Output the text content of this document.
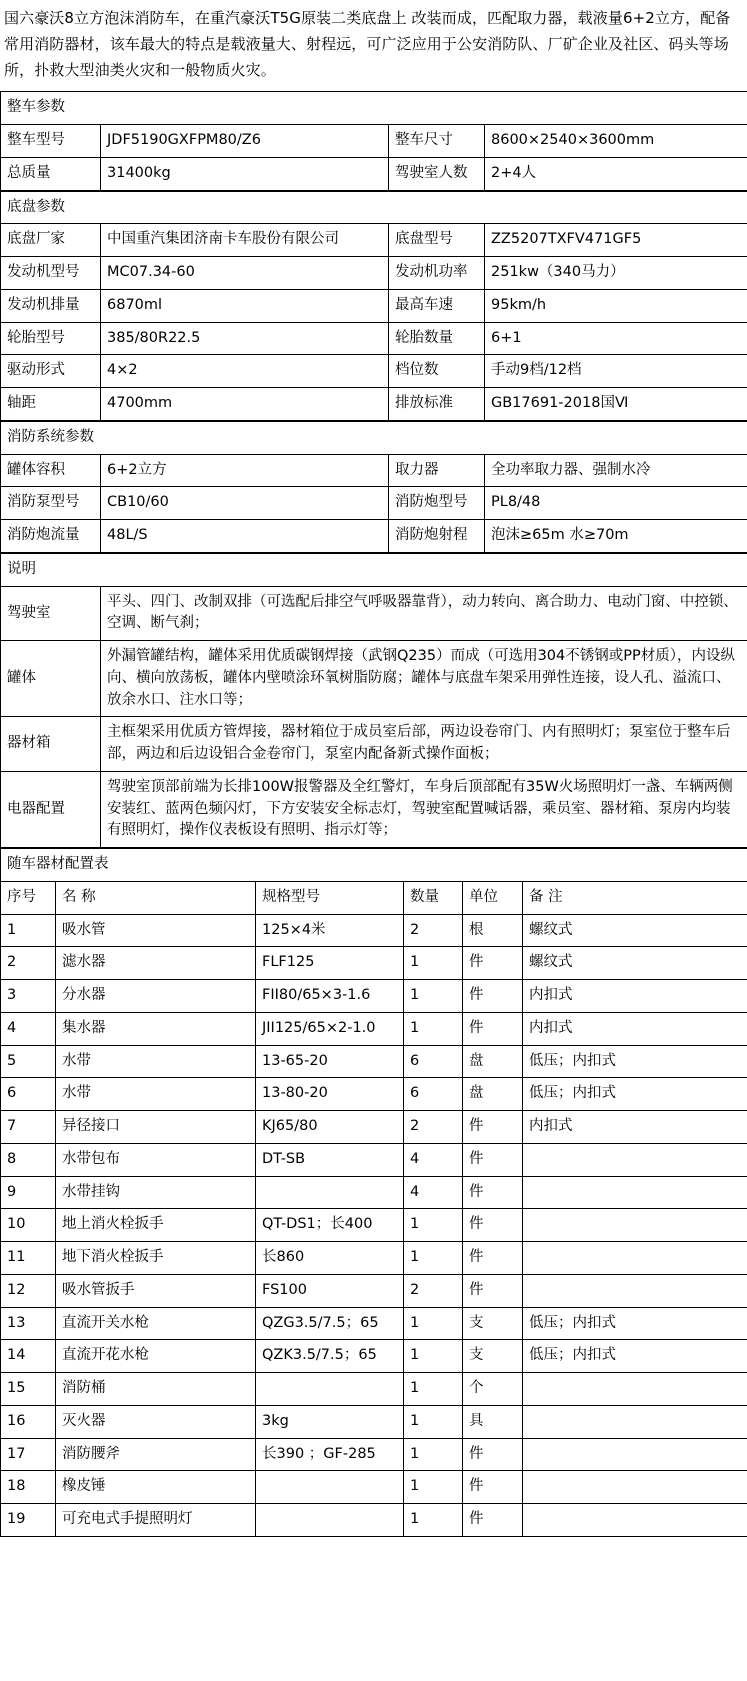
国六豪沃8立方泡沫消防车，在重汽豪沃T5G原装二类底盘上 改装而成，匹配取力器，载液量6+2立方，配备常用消防器材，该车最大的特点是载液量大、射程远，可广泛应用于公安消防队、厂矿企业及社区、码头等场所，扑救大型油类火灾和一般物质火灾。
整车参数			
整车型号	JDF5190GXFPM80/Z6	整车尺寸	8600×2540×3600mm
总质量	31400kg	驾驶室人数	2+4人
底盘参数			
底盘厂家	中国重汽集团济南卡车股份有限公司	底盘型号	ZZ5207TXFV471GF5
发动机型号	MC07.34-60	发动机功率	251kw（340马力）
发动机排量	6870ml	最高车速	95km/h
轮胎型号	385/80R22.5	轮胎数量	6+1
驱动形式	4×2	档位数	手动9档/12档
轴距	4700mm	排放标准	GB17691-2018国Ⅵ
消防系统参数			
罐体容积	6+2立方	取力器	全功率取力器、强制水冷
消防泵型号	CB10/60	消防炮型号	PL8/48
消防炮流量	48L/S	消防炮射程	泡沫≥65m 水≥70m
说明	
驾驶室	平头、四门、改制双排（可选配后排空气呼吸器靠背），动力转向、离合助力、电动门窗、中控锁、空调、断气刹；
罐体	外漏管罐结构，罐体采用优质碳钢焊接（武钢Q235）而成（可选用304不锈钢或PP材质），内设纵向、横向放荡板，罐体内壁喷涂环氧树脂防腐；罐体与底盘车架采用弹性连接，设人孔、溢流口、放余水口、注水口等；
器材箱	主框架采用优质方管焊接，器材箱位于成员室后部，两边设卷帘门、内有照明灯；泵室位于整车后部，两边和后边设铝合金卷帘门，泵室内配备新式操作面板；
电器配置	驾驶室顶部前端为长排100W报警器及全红警灯，车身后顶部配有35W火场照明灯一盏、车辆两侧安装红、蓝两色频闪灯，下方安装安全标志灯，驾驶室配置喊话器，乘员室、器材箱、泵房内均装有照明灯，操作仪表板设有照明、指示灯等；
随车器材配置表					
序号	名 称	规格型号	数量	单位	备 注
1	吸水管	125×4米	2	根	螺纹式
2	滤水器	FLF125	1	件	螺纹式
3	分水器	FII80/65×3-1.6	1	件	内扣式
4	集水器	JII125/65×2-1.0	1	件	内扣式
5	水带	13-65-20	6	盘	低压；内扣式
6	水带	13-80-20	6	盘	低压；内扣式
7	异径接口	KJ65/80	2	件	内扣式
8	水带包布	DT-SB	4	件	
9	水带挂钩		4	件	
10	地上消火栓扳手	QT-DS1；长400	1	件	
11	地下消火栓扳手	长860	1	件	
12	吸水管扳手	FS100	2	件	
13	直流开关水枪	QZG3.5/7.5；65	1	支	低压；内扣式
14	直流开花水枪	QZK3.5/7.5；65	1	支	低压；内扣式
15	消防桶		1	个	
16	灭火器	3kg	1	具	
17	消防腰斧	长390 ；GF-285	1	件	
18	橡皮锤		1	件	
19	可充电式手提照明灯		1	件	
